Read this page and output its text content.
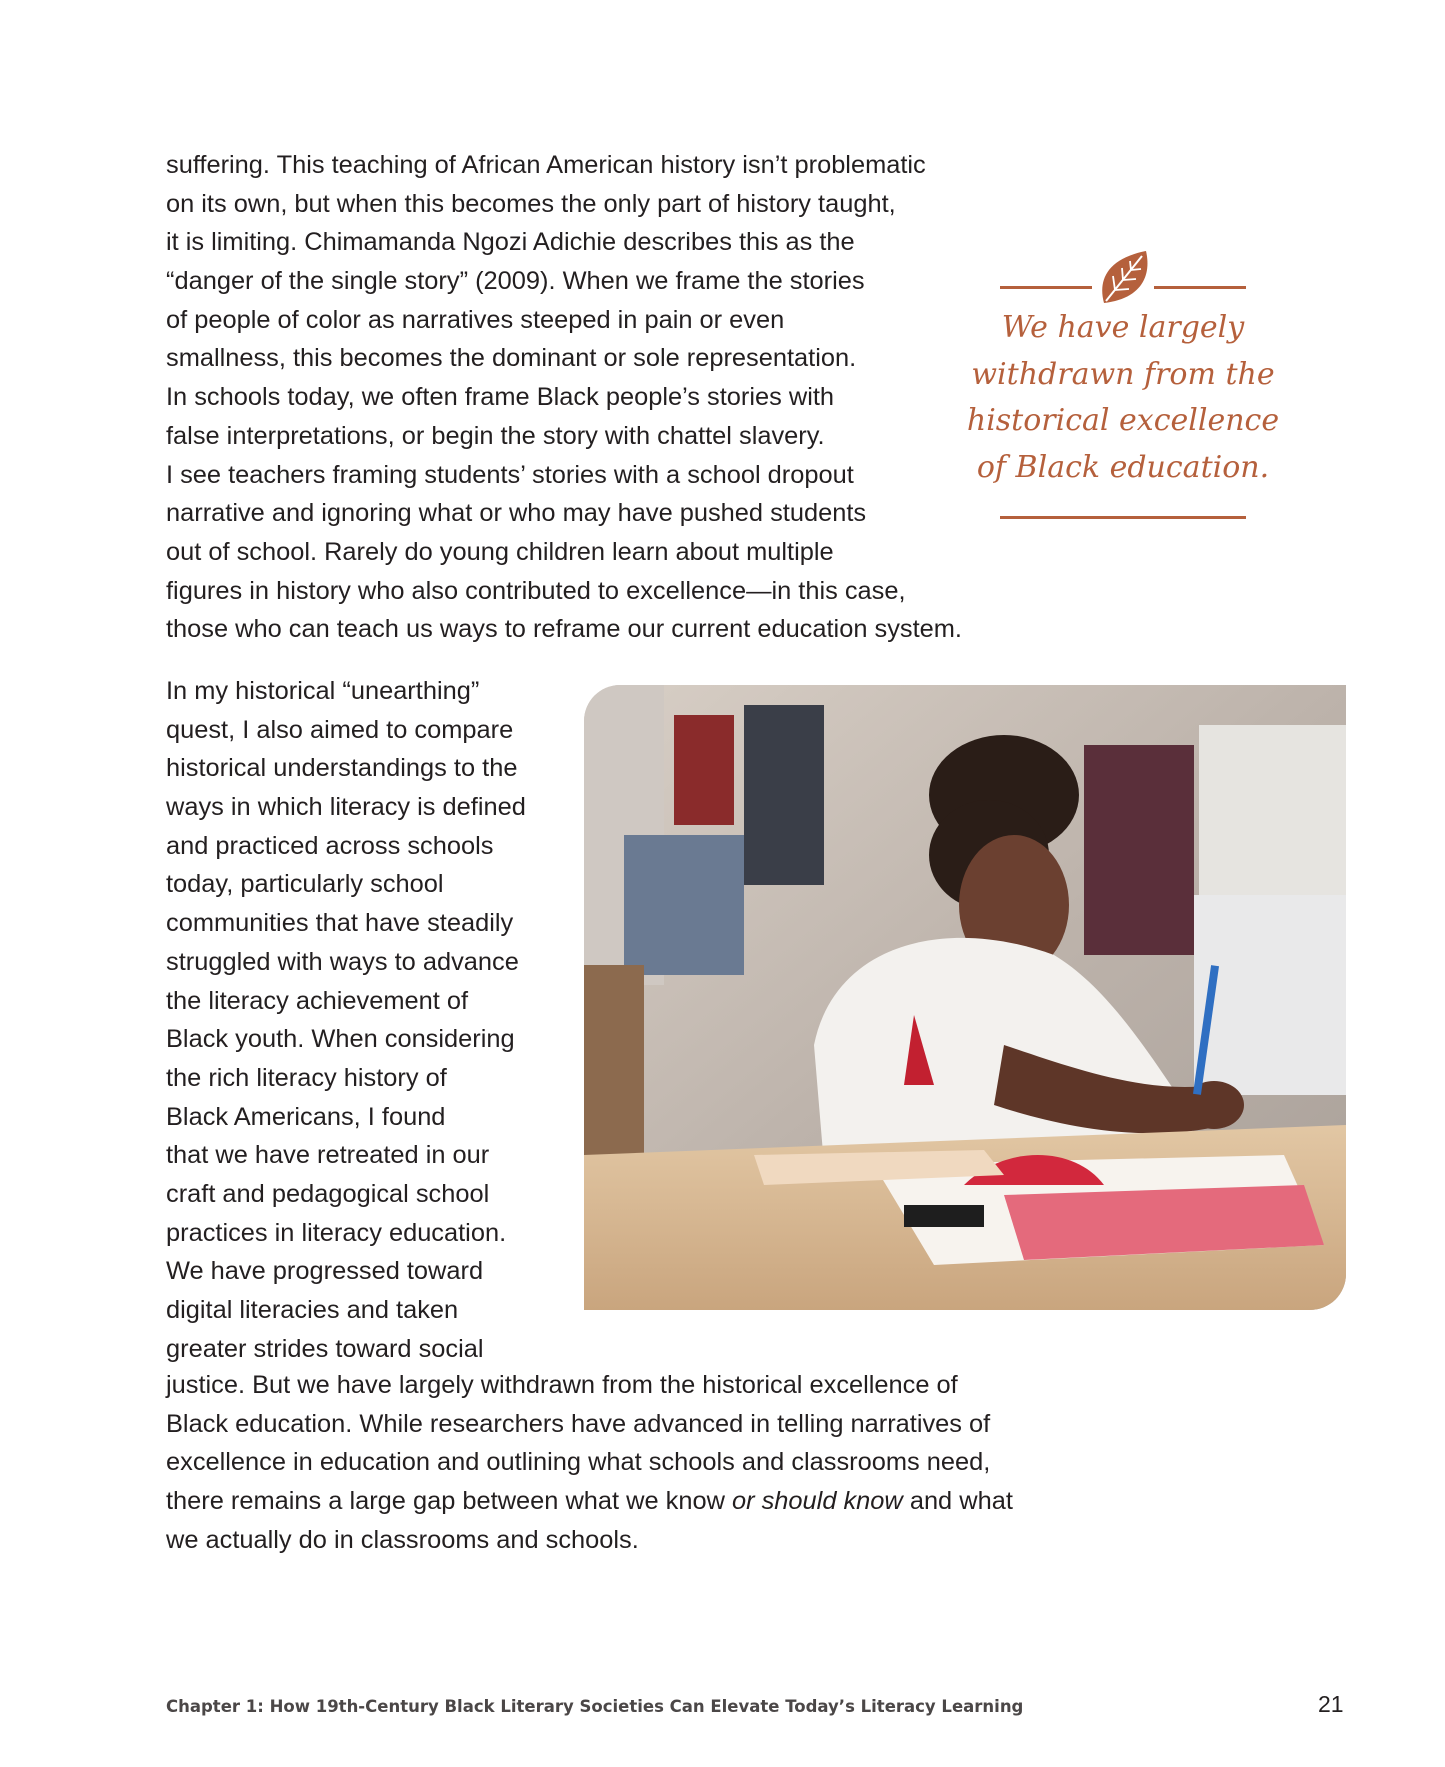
suffering. This teaching of African American history isn’t problematic
on its own, but when this becomes the only part of history taught,
it is limiting. Chimamanda Ngozi Adichie describes this as the
“danger of the single story” (2009). When we frame the stories
of people of color as narratives steeped in pain or even
smallness, this becomes the dominant or sole representation.
In schools today, we often frame Black people’s stories with
false interpretations, or begin the story with chattel slavery.
I see teachers framing students’ stories with a school dropout
narrative and ignoring what or who may have pushed students
out of school. Rarely do young children learn about multiple
figures in history who also contributed to excellence—in this case,
those who can teach us ways to reframe our current education system.
We have largely
withdrawn from the
historical excellence
of Black education.
In my historical “unearthing”
quest, I also aimed to compare
historical understandings to the
ways in which literacy is defined
and practiced across schools
today, particularly school
communities that have steadily
struggled with ways to advance
the literacy achievement of
Black youth. When considering
the rich literacy history of
Black Americans, I found
that we have retreated in our
craft and pedagogical school
practices in literacy education.
We have progressed toward
digital literacies and taken
greater strides toward social
justice. But we have largely withdrawn from the historical excellence of
Black education. While researchers have advanced in telling narratives of
excellence in education and outlining what schools and classrooms need,
there remains a large gap between what we know or should know and what
we actually do in classrooms and schools.
Chapter 1: How 19th-Century Black Literary Societies Can Elevate Today’s Literacy Learning	21
